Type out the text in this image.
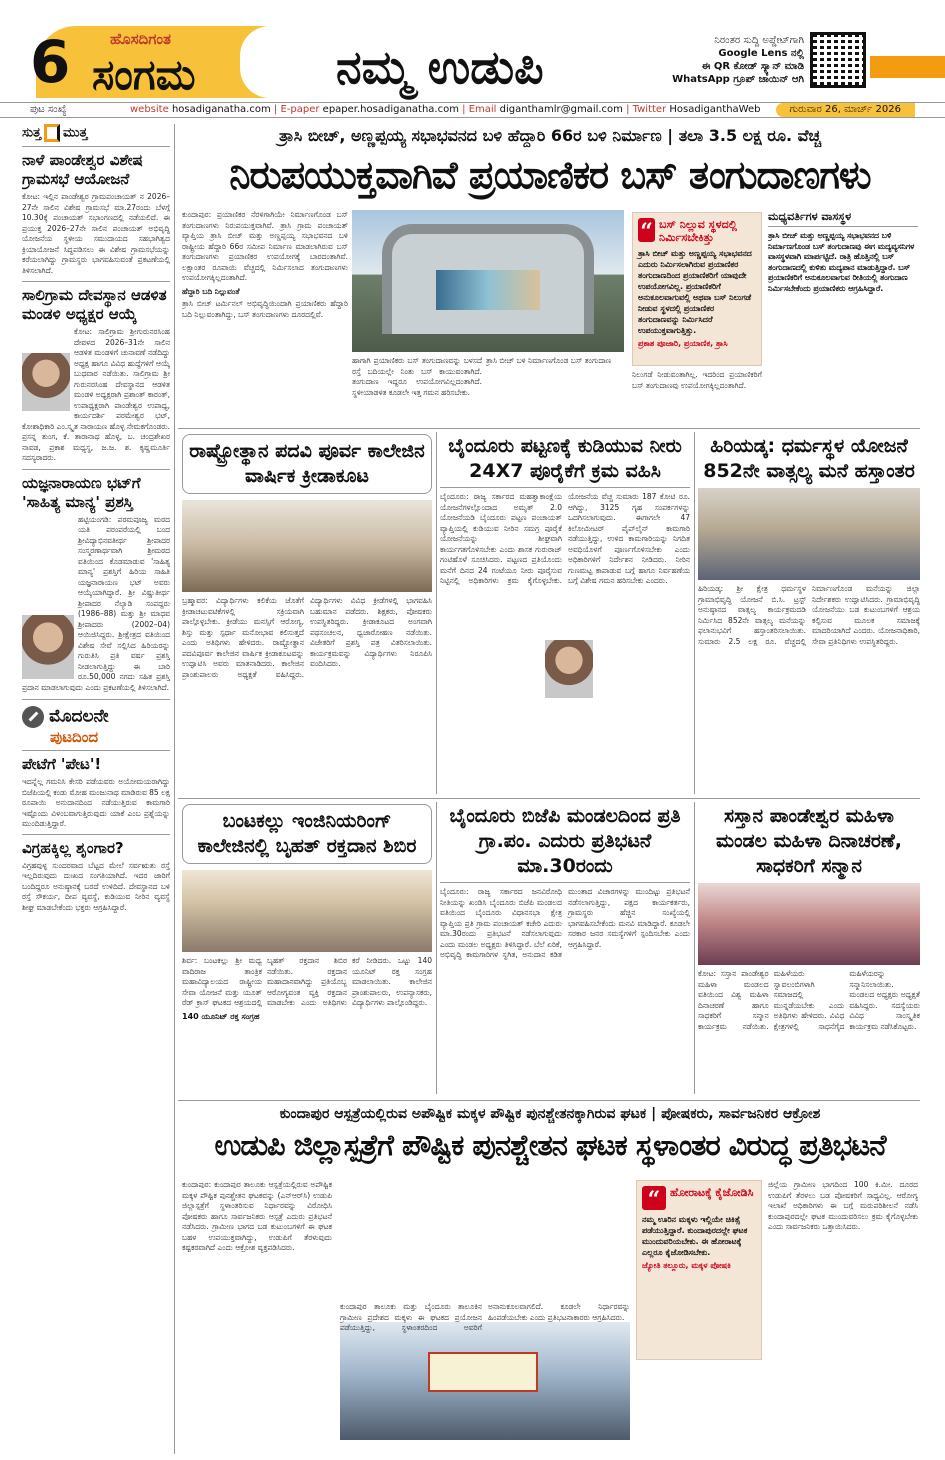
6	ಹೊಸದಿಗಂತ
ಸಂಗಮ	ನಮ್ಮ ಉಡುಪಿ	ನಿರಂತರ ಸುದ್ದಿ ಅಪ್ಡೇಟ್‌ಗಾಗಿ
Google Lens ನಲ್ಲಿ
ಈ QR ಕೋಡ್ ಸ್ಕ್ಯಾನ್ ಮಾಡಿ
WhatsApp ಗ್ರೂಪ್ ಜಾಯಿನ್ ಆಗಿ
ಪುಟ ಸಂಖ್ಯೆ	website hosadiganatha.com | E-paper epaper.hosadiganatha.com | Email diganthamlr@gmail.com | Twitter HosadiganthaWeb	ಗುರುವಾರ 26, ಮಾರ್ಚ್ 2026
ಸುತ್ತ ಮುತ್ತ
ನಾಳೆ ಪಾಂಡೇಶ್ವರ ವಿಶೇಷ ಗ್ರಾಮಸಭೆ ಆಯೋಜನೆ
ಕೋಟ: ಇಲ್ಲಿನ ಪಾಂಡೇಶ್ವರ ಗ್ರಾಮಪಂಚಾಯತ್ ನ 2026–27ನೇ ಸಾಲಿನ ವಿಶೇಷ ಗ್ರಾಮಸಭೆ ಮಾ.27ರಂದು ಬೆಳಗ್ಗೆ 10.30ಕ್ಕೆ ಪಂಚಾಯತ್ ಸಭಾಂಗಣದಲ್ಲಿ ನಡೆಯಲಿದೆ. ಈ ಪ್ರಯುಕ್ತ 2026–27ನೇ ಸಾಲಿನ ಪಂಚಾಯತ್ ಅಭಿವೃದ್ಧಿ ಯೋಜನೆಯ ಸ್ಥಳೀಯ ಸಮುದಾಯದ ಸಹಭಾಗಿತ್ವದ ಕ್ರಿಯಾಯೋಜನೆ ಸಿದ್ಧಪಡಿಸಲು ಈ ವಿಶೇಷ ಗ್ರಾಮಸಭೆಯನ್ನು ಕರೆಯಲಾಗಿದ್ದು ಗ್ರಾಮಸ್ಥರು ಭಾಗವಹಿಸುವಂತೆ ಪ್ರಕಟಣೆಯಲ್ಲಿ ತಿಳಿಸಲಾಗಿದೆ.
ಸಾಲಿಗ್ರಾಮ ದೇವಸ್ಥಾನ ಆಡಳಿತ ಮಂಡಳಿ ಅಧ್ಯಕ್ಷರ ಆಯ್ಕೆ
ಕೋಟ: ಸಾಲಿಗ್ರಾಮ ಶ್ರೀಗುರುನರಸಿಂಹ ದೇವಳದ 2026–31ನೇ ಸಾಲಿನ ಆಡಳಿತ ಮಂಡಳಿಗೆ ಚುನಾವಣೆ ನಡೆದಿದ್ದು ಅಧ್ಯಕ್ಷ ಹಾಗೂ ವಿವಿಧ ಹುದ್ದೆಗಳಿಗೆ ಆಯ್ಕೆ ಬುಧವಾರ ನಡೆಯಿತು. ಸಾಲಿಗ್ರಾಮ ಶ್ರೀ ಗುರುನರಸಿಂಹ ದೇವಸ್ಥಾನದ ಆಡಳಿತ ಮಂಡಳಿ ಅಧ್ಯಕ್ಷರಾಗಿ ಪ್ರಶಾಂತ್ ಕಾರಂತ್, ಉಪಾಧ್ಯಕ್ಷರಾಗಿ ಪಾಂಡೇಶ್ವರ ಉಪಾಧ್ಯ, ಕಾರ್ಯದರ್ಶಿ ಪರಮೇಶ್ವರ ಭಟ್, ಕೋಶಾಧಿಕಾರಿ ಎಂ.ಸ್ಕೃತ ನಾರಾಯಣ ಹೊಳ್ಳ ನೇಮಕಗೊಂಡರು. ಪ್ರಸನ್ನ ತುಂಗ, ಕೆ. ತಾರಾನಾಥ ಹೊಳ್ಳ, ಬ. ಚಂದ್ರಶೇಖರ ನಾವಡ, ಪ್ರಕಾಶ ಮಧ್ಯಸ್ಥ, ಜ.ಜ. ಶ. ಕೃಷ್ಣಮೂರ್ತಿ ಸದಸ್ಯರಾದರು.
ಯಜ್ಞನಾರಾಯಣ ಭಟ್‌ಗೆ 'ಸಾಹಿತ್ಯ ಮಾನ್ಯ' ಪ್ರಶಸ್ತಿ
ಹಟ್ಟಿಯಂಗಡಿ: ಪರಮಪೂಜ್ಯ ಮಠದ ಯತಿ ಪರಂಪರೆಯಲ್ಲಿ ಬಂದ ಶ್ರೀವಿದ್ಯಾಭಿನವತೀರ್ಥ ಶ್ರೀಪಾದರ ಸಂಸ್ಮರಣಾರ್ಥವಾಗಿ ಶ್ರೀಮಠದ ವತಿಯಿಂದ ಕೊಡಮಾಡುವ 'ಸಾಹಿತ್ಯ ಮಾನ್ಯ' ಪ್ರಶಸ್ತಿಗೆ ಹಿರಿಯ ಸಾಹಿತಿ ಯಜ್ಞನಾರಾಯಣ ಭಟ್ ಅವರು ಆಯ್ಕೆಯಾಗಿದ್ದಾರೆ. ಶ್ರೀ ವಿಷ್ಣುತೀರ್ಥ ಶ್ರೀಪಾದರ ನೆಲ್ಯಾಡಿ ಸಂಪದ್ದರು (1986–88) ಮತ್ತು ಶ್ರೀ ಮಾಧವ ಶ್ರೀಪಾದರು (2002–04) ಆಯಿಜಿಸಿದ್ದರು. ಶ್ರೀಕ್ಷೇತ್ರದ ವತಿಯಿಂದ ವಿಶೇಷ ಸೇವೆ ಸಲ್ಲಿಸಿದ ಹಿರಿಯರನ್ನು ಗುರುತಿಸಿ ಪ್ರತಿ ವರ್ಷ ಪ್ರಶಸ್ತಿ ನೀಡಲಾಗುತ್ತಿದ್ದು ಈ ಬಾರಿ ರೂ.50,000 ನಗದು ಸಹಿತ ಪ್ರಶಸ್ತಿ ಪ್ರದಾನ ಮಾಡಲಾಗುವುದು ಎಂದು ಪ್ರಕಟಣೆಯಲ್ಲಿ ತಿಳಿಸಲಾಗಿದೆ.
ಮೊದಲನೇ
ಪುಟದಿಂದ
ಪೇಟೆಗೆ 'ಪೇಟ'!
ಇದನ್ನೆಲ್ಲ ಗಮನಿಸಿ ಕೇಸರಿ ಪಡೆಯವರು ಅಯೋಮಯರಾಗಿದ್ದು ಬಿಜೆಪಿಯಲ್ಲಿ ಕಂಡು ಮೋಹ ಮಂಜುನಾಥ ಮಾಡಿರುವ 85 ಲಕ್ಷ ರೂಪಾಯಿ ಅನುದಾನದಿಂದ ನಡೆಯುತ್ತಿರುವ ಕಾಮಗಾರಿ ಇಷ್ಟೊಂದು ವಿಳಂಬವಾಗುತ್ತಿರುವುದು ಯಾಕೆ ಎಂಬ ಪ್ರಶ್ನೆಯನ್ನು ಮುಂದಿಡುತ್ತಿದ್ದಾರೆ.
ವಿಗ್ರಹಕ್ಕಿಲ್ಲ ಶೃಂಗಾರ?
ವಿಗ್ರಹವುಳ್ಳ ಸುಂದರವಾದ ಬೆಟ್ಟದ ಮೇಲೆ ಸರ್ವಋತು ರಸ್ತೆ ಇಲ್ಲದಿರುವುದು ದುಃಖದ ಸಂಗತಿಯಾಗಿದೆ. ಇದರ ಜಾರಿಗೆ ಬಂದಿದ್ದರೂ ಅನುಷ್ಠಾನಕ್ಕೆ ಬರದೆ ಉಳಿದಿದೆ. ದೇವಸ್ಥಾನದ ಬಳಿ ರಸ್ತೆ ಸೌಕರ್ಯ, ದೀಪ ವ್ಯವಸ್ಥೆ, ಕುಡಿಯುವ ನೀರಿನ ವ್ಯವಸ್ಥೆ ಶೀಘ್ರ ಮಾಡಬೇಕೆಂದು ಭಕ್ತರು ಆಗ್ರಹಿಸಿದ್ದಾರೆ.
ತ್ರಾಸಿ ಬೀಚ್, ಅಣ್ಣಪ್ಪಯ್ಯ ಸಭಾಭವನದ ಬಳಿ ಹೆದ್ದಾರಿ 66ರ ಬಳಿ ನಿರ್ಮಾಣ | ತಲಾ 3.5 ಲಕ್ಷ ರೂ. ವೆಚ್ಚ
ನಿರುಪಯುಕ್ತವಾಗಿವೆ ಪ್ರಯಾಣಿಕರ ಬಸ್ ತಂಗುದಾಣಗಳು

ಕುಂದಾಪುರ: ಪ್ರಯಾಣಿಕರ ನೆರಳಿಗಾಗಿಯೇ ನಿರ್ಮಾಣಗೊಂಡ ಬಸ್ ತಂಗುದಾಣಗಳು ನಿರುಪಯುಕ್ತವಾಗಿವೆ. ತ್ರಾಸಿ ಗ್ರಾಮ ಪಂಚಾಯತ್ ವ್ಯಾಪ್ತಿಯ ತ್ರಾಸಿ ಬೀಚ್ ಮತ್ತು ಅಣ್ಣಪ್ಪಯ್ಯ ಸಭಾಭವನದ ಬಳಿ ರಾಷ್ಟ್ರೀಯ ಹೆದ್ದಾರಿ 66ರ ಸಮೀಪ ನಿರ್ಮಾಣ ಮಾಡಲಾಗಿರುವ ಬಸ್ ತಂಗುದಾಣಗಳು ಪ್ರಯಾಣಿಕರ ಉಪಯೋಗಕ್ಕೆ ಬಾರದಂತಾಗಿವೆ. ಲಕ್ಷಾಂತರ ರೂಪಾಯಿ ವೆಚ್ಚದಲ್ಲಿ ನಿರ್ಮಿಸಲಾದ ತಂಗುದಾಣಗಳು ಉಪಯೋಗಕ್ಕಿಲ್ಲದಂತಾಗಿದೆ.

ಹೆದ್ದಾರಿ ಬದಿ ನಿಲ್ಲುವಂತೆ

ತ್ರಾಸಿ ಬೀಚ್ ಟರ್ಮಿನಲ್ ಅಭಿವೃದ್ಧಿಯಿಂದಾಗಿ ಪ್ರಯಾಣಿಕರು ಹೆದ್ದಾರಿ ಬದಿ ನಿಲ್ಲುವಂತಾಗಿದ್ದು, ಬಸ್ ತಂಗುದಾಣಗಳು ದೂರದಲ್ಲಿವೆ.

ಹಾಗಾಗಿ ಪ್ರಯಾಣಿಕರು ಬಸ್ ತಂಗುದಾಣವನ್ನು ಬಳಸದೆ ರಸ್ತೆ ಬದಿಯಲ್ಲೇ ನಿಂತು ಬಸ್ ಕಾಯುವಂತಾಗಿದೆ. ತಂಗುದಾಣ ಇದ್ದರೂ ಉಪಯೋಗವಿಲ್ಲದಂತಾಗಿದೆ. ಸ್ಥಳೀಯಾಡಳಿತ ಕೂಡಲೇ ಇತ್ತ ಗಮನ ಹರಿಸಬೇಕು.
ತ್ರಾಸಿ ಬೀಚ್ ಬಳಿ ನಿರ್ಮಾಣಗೊಂಡ ಬಸ್ ತಂಗುದಾಣ
“ ಬಸ್ ನಿಲ್ಲುವ ಸ್ಥಳದಲ್ಲಿ ನಿರ್ಮಿಸಬೇಕಿತ್ತು
ತ್ರಾಸಿ ಬೀಚ್ ಮತ್ತು ಅಣ್ಣಪ್ಪಯ್ಯ ಸಭಾಭವನದ ಎದುರು ನಿರ್ಮಿಸಲಾಗಿರುವ ಪ್ರಯಾಣಿಕರ ತಂಗುದಾಣದಿಂದ ಪ್ರಯಾಣಿಕರಿಗೆ ಯಾವುದೇ ಉಪಯೋಗವಿಲ್ಲ. ಪ್ರಯಾಣಿಕರಿಗೆ ಅನುಕೂಲವಾಗುವಲ್ಲಿ ಅಥವಾ ಬಸ್ ನಿಲುಗಡೆ ನೀಡುವ ಸ್ಥಳದಲ್ಲಿ ಪ್ರಯಾಣಿಕರ ತಂಗುದಾಣವನ್ನು ನಿರ್ಮಿಸಿದರೆ ಉಪಯುಕ್ತವಾಗುತ್ತಿತ್ತು.
ಪ್ರಕಾಶ ಪೂಜಾರಿ, ಪ್ರಯಾಣಿಕ, ತ್ರಾಸಿ
ನಿಲುಗಡೆ ನೀಡುವಂತಾಗಿಲ್ಲ. ಇದರಿಂದ ಪ್ರಯಾಣಿಕರಿಗೆ ಬಸ್ ತಂಗುದಾಣವು ಉಪಯೋಗಕ್ಕಿಲ್ಲದಂತಾಗಿದೆ.
ಮಧ್ಯವರ್ತಿಗಳ ವಾಸಸ್ಥಳ
ತ್ರಾಸಿ ಬೀಚ್ ಮತ್ತು ಅಣ್ಣಪ್ಪಯ್ಯ ಸಭಾಭವನದ ಬಳಿ ನಿರ್ಮಾಣಗೊಂಡ ಬಸ್ ತಂಗುದಾಣವು ಈಗ ಮದ್ಯವ್ಯಸನಿಗಳ ವಾಸಸ್ಥಳವಾಗಿ ಮಾರ್ಪಟ್ಟಿದೆ. ರಾತ್ರಿ ಹೊತ್ತಿನಲ್ಲಿ ಬಸ್ ತಂಗುದಾಣದಲ್ಲಿ ಕುಳಿತು ಮದ್ಯಪಾನ ಮಾಡುತ್ತಿದ್ದಾರೆ. ಬಸ್ ಪ್ರಯಾಣಿಕರಿಗೆ ಅನುಕೂಲವಾಗುವ ರೀತಿಯಲ್ಲಿ ತಂಗುದಾಣ ನಿರ್ಮಿಸಬೇಕೆಂದು ಪ್ರಯಾಣಿಕರು ಆಗ್ರಹಿಸಿದ್ದಾರೆ.
ರಾಷ್ಟ್ರೋತ್ಥಾನ ಪದವಿ ಪೂರ್ವ ಕಾಲೇಜಿನ ವಾರ್ಷಿಕ ಕ್ರೀಡಾಕೂಟ
ಬ್ರಹ್ಮಾವರ: ವಿದ್ಯಾರ್ಥಿಗಳು ಕಲಿಕೆಯ ಜೊತೆಗೆ ಕ್ರೀಡಾಚಟುವಟಿಕೆಗಳಲ್ಲಿ ಸಕ್ರಿಯವಾಗಿ ಪಾಲ್ಗೊಳ್ಳಬೇಕು. ಕ್ರೀಡೆಯು ಮನಸ್ಸಿಗೆ ಆರೋಗ್ಯ, ಶಿಸ್ತು ಮತ್ತು ಸ್ಪರ್ಧಾ ಮನೋಭಾವ ಕಲಿಸುತ್ತದೆ ಎಂದು ಅತಿಥಿಗಳು ಹೇಳಿದರು. ರಾಷ್ಟ್ರೋತ್ಥಾನ ಪದವಿಪೂರ್ವ ಕಾಲೇಜಿನ ವಾರ್ಷಿಕ ಕ್ರೀಡಾಕೂಟವನ್ನು ಉದ್ಘಾಟಿಸಿ ಅವರು ಮಾತನಾಡಿದರು. ಕಾಲೇಜಿನ ಪ್ರಾಂಶುಪಾಲರು ಅಧ್ಯಕ್ಷತೆ ವಹಿಸಿದ್ದರು. ವಿದ್ಯಾರ್ಥಿಗಳು ವಿವಿಧ ಕ್ರೀಡೆಗಳಲ್ಲಿ ಭಾಗವಹಿಸಿ ಬಹುಮಾನ ಪಡೆದರು. ಶಿಕ್ಷಕರು, ಪೋಷಕರು ಉಪಸ್ಥಿತರಿದ್ದರು. ಕ್ರೀಡಾಕೂಟದ ಅಂಗವಾಗಿ ಪಥಸಂಚಲನ, ಧ್ವಜಾರೋಹಣ ನಡೆಯಿತು. ವಿಜೇತರಿಗೆ ಪ್ರಶಸ್ತಿ ಪತ್ರ ವಿತರಿಸಲಾಯಿತು. ಕಾರ್ಯಕ್ರಮವನ್ನು ವಿದ್ಯಾರ್ಥಿಗಳು ನಿರೂಪಿಸಿ ವಂದಿಸಿದರು.
ಬೈಂದೂರು ಪಟ್ಟಣಕ್ಕೆ ಕುಡಿಯುವ ನೀರು 24X7 ಪೂರೈಕೆಗೆ ಕ್ರಮ ವಹಿಸಿ
ಬೈಂದೂರು: ರಾಜ್ಯ ಸರ್ಕಾರದ ಮಹತ್ವಾಕಾಂಕ್ಷೆಯ ಯೋಜನೆಗಳಲ್ಲೊಂದಾದ ಅಮೃತ್ 2.0 ಯೋಜನೆಯಡಿ ಬೈಂದೂರು ಪಟ್ಟಣ ಪಂಚಾಯತ್ ವ್ಯಾಪ್ತಿಯಲ್ಲಿ ಕುಡಿಯುವ ನೀರಿನ ಸಮಗ್ರ ಪೂರೈಕೆ ಯೋಜನೆಯನ್ನು ಶೀಘ್ರವಾಗಿ ಕಾರ್ಯಗತಗೊಳಿಸಬೇಕು ಎಂದು ಶಾಸಕ ಗುರುರಾಜ್ ಗಂಟಿಹೊಳೆ ಸೂಚಿಸಿದರು. ಪಟ್ಟಣದ ಪ್ರತಿಯೊಂದು ಮನೆಗೆ ದಿನದ 24 ಗಂಟೆಯೂ ನೀರು ಪೂರೈಸುವ ನಿಟ್ಟಿನಲ್ಲಿ ಅಧಿಕಾರಿಗಳು ಕ್ರಮ ಕೈಗೊಳ್ಳಬೇಕು. ಯೋಜನೆಯ ವೆಚ್ಚ ಸುಮಾರು 187 ಕೋಟಿ ರೂ. ಆಗಿದ್ದು, 3125 ಗೃಹ ಸಂಪರ್ಕಗಳನ್ನು ಒದಗಿಸಲಾಗುವುದು. ಈಗಾಗಲೇ 47 ಕಿಲೋಮೀಟರ್ ಪೈಪ್‌ಲೈನ್ ಕಾಮಗಾರಿ ನಡೆಯುತ್ತಿದ್ದು, ಉಳಿದ ಕಾಮಗಾರಿಯನ್ನು ನಿಗದಿತ ಅವಧಿಯೊಳಗೆ ಪೂರ್ಣಗೊಳಿಸಬೇಕು ಎಂದು ಅಧಿಕಾರಿಗಳಿಗೆ ನಿರ್ದೇಶನ ನೀಡಿದರು. ನೀರಿನ ಗುಣಮಟ್ಟ ಕಾಪಾಡುವ ಬಗ್ಗೆ ಹಾಗೂ ನಿರ್ವಹಣೆಯ ಬಗ್ಗೆ ವಿಶೇಷ ಗಮನ ಹರಿಸಬೇಕು ಎಂದರು.
ಹಿರಿಯಡ್ಕ: ಧರ್ಮಸ್ಥಳ ಯೋಜನೆ 852ನೇ ವಾತ್ಸಲ್ಯ ಮನೆ ಹಸ್ತಾಂತರ
ಹಿರಿಯಡ್ಕ: ಶ್ರೀ ಕ್ಷೇತ್ರ ಧರ್ಮಸ್ಥಳ ಗ್ರಾಮಾಭಿವೃದ್ಧಿ ಯೋಜನೆ ಬಿ.ಸಿ. ಟ್ರಸ್ಟ್ ಅನುಷ್ಠಾನದ ವಾತ್ಸಲ್ಯ ಕಾರ್ಯಕ್ರಮದಡಿ ನಿರ್ಮಿಸಿದ 852ನೇ ವಾತ್ಸಲ್ಯ ಮನೆಯನ್ನು ಫಲಾನುಭವಿಗೆ ಹಸ್ತಾಂತರಿಸಲಾಯಿತು. ಸುಮಾರು 2.5 ಲಕ್ಷ ರೂ. ವೆಚ್ಚದಲ್ಲಿ ನಿರ್ಮಾಣಗೊಂಡ ಮನೆಯನ್ನು ಜಿಲ್ಲಾ ನಿರ್ದೇಶಕರು ಉದ್ಘಾಟಿಸಿದರು. ಗ್ರಾಮಾಭಿವೃದ್ಧಿ ಯೋಜನೆಯು ಬಡ ಕುಟುಂಬಗಳಿಗೆ ಆಶ್ರಯ ಕಲ್ಪಿಸುವ ಮೂಲಕ ಸಮಾಜಕ್ಕೆ ಮಾದರಿಯಾಗಿದೆ ಎಂದರು. ಯೋಜನಾಧಿಕಾರಿ, ಸೇವಾ ಪ್ರತಿನಿಧಿಗಳು ಉಪಸ್ಥಿತರಿದ್ದರು.
ಬಂಟಕಲ್ಲು ಇಂಜಿನಿಯರಿಂಗ್ ಕಾಲೇಜಿನಲ್ಲಿ ಬೃಹತ್ ರಕ್ತದಾನ ಶಿಬಿರ
ಶಿರ್ವ: ಬಂಟಕಲ್ಲು ಶ್ರೀ ಮಧ್ವ ವಾದಿರಾಜ ತಾಂತ್ರಿಕ ಮಹಾವಿದ್ಯಾಲಯದ ರಾಷ್ಟ್ರೀಯ ಸೇವಾ ಯೋಜನೆ ಮತ್ತು ಯೂತ್ ರೆಡ್ ಕ್ರಾಸ್ ಘಟಕದ ಆಶ್ರಯದಲ್ಲಿ ಬೃಹತ್ ರಕ್ತದಾನ ಶಿಬಿರ ನಡೆಯಿತು. ರಕ್ತದಾನ ಮಹಾದಾನವಾಗಿದ್ದು ಪ್ರತಿಯೊಬ್ಬ ಆರೋಗ್ಯವಂತ ವ್ಯಕ್ತಿ ರಕ್ತದಾನ ಮಾಡಬೇಕು ಎಂದು ಅತಿಥಿಗಳು ಕರೆ ನೀಡಿದರು. ಒಟ್ಟು 140 ಯೂನಿಟ್ ರಕ್ತ ಸಂಗ್ರಹ ಮಾಡಲಾಯಿತು. ಕಾಲೇಜಿನ ಪ್ರಾಂಶುಪಾಲರು, ಉಪನ್ಯಾಸಕರು, ವಿದ್ಯಾರ್ಥಿಗಳು ಪಾಲ್ಗೊಂಡಿದ್ದರು.
140 ಯೂನಿಟ್ ರಕ್ತ ಸಂಗ್ರಹ
ಬೈಂದೂರು ಬಿಜೆಪಿ ಮಂಡಲದಿಂದ ಪ್ರತಿ ಗ್ರಾ.ಪಂ. ಎದುರು ಪ್ರತಿಭಟನೆ ಮಾ.30ರಂದು
ಬೈಂದೂರು: ರಾಜ್ಯ ಸರ್ಕಾರದ ಜನವಿರೋಧಿ ನೀತಿಯನ್ನು ಖಂಡಿಸಿ ಬೈಂದೂರು ಬಿಜೆಪಿ ಮಂಡಲದ ವತಿಯಿಂದ ಬೈಂದೂರು ವಿಧಾನಸಭಾ ಕ್ಷೇತ್ರ ವ್ಯಾಪ್ತಿಯ ಪ್ರತಿ ಗ್ರಾಮ ಪಂಚಾಯತ್ ಕಚೇರಿ ಎದುರು ಮಾ.30ರಂದು ಪ್ರತಿಭಟನೆ ನಡೆಸಲಾಗುವುದು ಎಂದು ಮಂಡಲ ಅಧ್ಯಕ್ಷರು ತಿಳಿಸಿದ್ದಾರೆ. ಬೆಲೆ ಏರಿಕೆ, ಅಭಿವೃದ್ಧಿ ಕಾಮಗಾರಿಗಳ ಸ್ಥಗಿತ, ಅನುದಾನ ಕಡಿತ ಮುಂತಾದ ವಿಚಾರಗಳನ್ನು ಮುಂದಿಟ್ಟು ಪ್ರತಿಭಟನೆ ನಡೆಸಲಾಗುತ್ತಿದ್ದು, ಪಕ್ಷದ ಕಾರ್ಯಕರ್ತರು, ಗ್ರಾಮಸ್ಥರು ಹೆಚ್ಚಿನ ಸಂಖ್ಯೆಯಲ್ಲಿ ಭಾಗವಹಿಸಬೇಕೆಂದು ಮನವಿ ಮಾಡಿದ್ದಾರೆ. ಕೂಡಲೇ ಸರಕಾರ ಜನರ ಸಮಸ್ಯೆಗಳಿಗೆ ಸ್ಪಂದಿಸಬೇಕು ಎಂದು ಆಗ್ರಹಿಸಿದ್ದಾರೆ.
ಸಸ್ತಾನ ಪಾಂಡೇಶ್ವರ ಮಹಿಳಾ ಮಂಡಲ ಮಹಿಳಾ ದಿನಾಚರಣೆ, ಸಾಧಕರಿಗೆ ಸನ್ಮಾನ
ಕೋಟ: ಸಸ್ತಾನ ಪಾಂಡೇಶ್ವರ ಮಹಿಳಾ ಮಂಡಲದ ವತಿಯಿಂದ ವಿಶ್ವ ಮಹಿಳಾ ದಿನಾಚರಣೆ ಹಾಗೂ ಸಾಧಕರಿಗೆ ಸನ್ಮಾನ ಕಾರ್ಯಕ್ರಮ ನಡೆಯಿತು. ಮಹಿಳೆಯರು ಸ್ವಾವಲಂಬಿಗಳಾಗಿ ಸಮಾಜದಲ್ಲಿ ಮುನ್ನಡೆಯಬೇಕು ಎಂದು ಅತಿಥಿಗಳು ಹೇಳಿದರು. ವಿವಿಧ ಕ್ಷೇತ್ರಗಳಲ್ಲಿ ಸಾಧನೆಗೈದ ಮಹಿಳೆಯರನ್ನು ಸನ್ಮಾನಿಸಲಾಯಿತು. ಮಂಡಲದ ಅಧ್ಯಕ್ಷರು ಅಧ್ಯಕ್ಷತೆ ವಹಿಸಿದ್ದರು. ಸದಸ್ಯೆಯರು ವಿವಿಧ ಸಾಂಸ್ಕೃತಿಕ ಕಾರ್ಯಕ್ರಮ ನಡೆಸಿಕೊಟ್ಟರು.
ಕುಂದಾಪುರ ಆಸ್ಪತ್ರೆಯಲ್ಲಿರುವ ಅಪೌಷ್ಟಿಕ ಮಕ್ಕಳ ಪೌಷ್ಟಿಕ ಪುನಶ್ಚೇತನಕ್ಕಾಗಿರುವ ಘಟಕ | ಪೋಷಕರು, ಸಾರ್ವಜನಿಕರ ಆಕ್ರೋಶ
ಉಡುಪಿ ಜಿಲ್ಲಾಸ್ಪತ್ರೆಗೆ ಪೌಷ್ಟಿಕ ಪುನಶ್ಚೇತನ ಘಟಕ ಸ್ಥಳಾಂತರ ವಿರುದ್ಧ ಪ್ರತಿಭಟನೆ
ಕುಂದಾಪುರ: ಕುಂದಾಪುರ ತಾಲೂಕು ಆಸ್ಪತ್ರೆಯಲ್ಲಿರುವ ಅಪೌಷ್ಟಿಕ ಮಕ್ಕಳ ಪೌಷ್ಟಿಕ ಪುನಶ್ಚೇತನ ಘಟಕವನ್ನು (ಎನ್‌ಆರ್‌ಸಿ) ಉಡುಪಿ ಜಿಲ್ಲಾಸ್ಪತ್ರೆಗೆ ಸ್ಥಳಾಂತರಿಸುವ ನಿರ್ಧಾರವನ್ನು ವಿರೋಧಿಸಿ ಪೋಷಕರು ಹಾಗೂ ಸಾರ್ವಜನಿಕರು ಆಸ್ಪತ್ರೆ ಎದುರು ಪ್ರತಿಭಟನೆ ನಡೆಸಿದರು. ಗ್ರಾಮೀಣ ಭಾಗದ ಬಡ ಕುಟುಂಬಗಳಿಗೆ ಈ ಘಟಕ ಬಹಳ ಉಪಯುಕ್ತವಾಗಿದ್ದು, ಉಡುಪಿಗೆ ತೆರಳುವುದು ಕಷ್ಟಕರವಾಗಿದೆ ಎಂದು ಆಕ್ರೋಶ ವ್ಯಕ್ತಪಡಿಸಿದರು.
ಕುಂದಾಪುರ ತಾಲೂಕು ಮತ್ತು ಬೈಂದೂರು ತಾಲೂಕಿನ ಗ್ರಾಮೀಣ ಪ್ರದೇಶದ ಮಕ್ಕಳು ಈ ಘಟಕದ ಪ್ರಯೋಜನ ಪಡೆಯುತ್ತಿದ್ದು, ಸ್ಥಳಾಂತರದಿಂದ ಅವರಿಗೆ ಅನಾನುಕೂಲವಾಗಲಿದೆ. ಕೂಡಲೇ ನಿರ್ಧಾರವನ್ನು ಹಿಂಪಡೆಯಬೇಕು ಎಂದು ಪ್ರತಿಭಟನಾಕಾರರು ಆಗ್ರಹಿಸಿದರು.
“ ಹೋರಾಟಕ್ಕೆ ಕೈಜೋಡಿಸಿ
ನಮ್ಮ ಊರಿನ ಮಕ್ಕಳು ಇಲ್ಲಿಯೇ ಚಿಕಿತ್ಸೆ ಪಡೆಯುತ್ತಿದ್ದಾರೆ. ಕುಂದಾಪುರದಲ್ಲೇ ಘಟಕ ಮುಂದುವರಿಯಬೇಕು. ಈ ಹೋರಾಟಕ್ಕೆ ಎಲ್ಲರೂ ಕೈಜೋಡಿಸಬೇಕು.
ಜ್ಯೋತಿ ತಲ್ಲೂರು, ಮಕ್ಕಳ ಪೋಷಕಿ
ಜಿಲ್ಲೆಯ ಗ್ರಾಮೀಣ ಭಾಗದಿಂದ 100 ಕಿ.ಮೀ. ದೂರದ ಉಡುಪಿಗೆ ತೆರಳಲು ಬಡ ಪೋಷಕರಿಗೆ ಸಾಧ್ಯವಿಲ್ಲ. ಆರೋಗ್ಯ ಇಲಾಖೆ ಅಧಿಕಾರಿಗಳು ಈ ಬಗ್ಗೆ ಮರುಪರಿಶೀಲನೆ ನಡೆಸಿ ಕುಂದಾಪುರದಲ್ಲೇ ಘಟಕ ಮುಂದುವರಿಸಲು ಕ್ರಮ ಕೈಗೊಳ್ಳಬೇಕು ಎಂದು ಸಾರ್ವಜನಿಕರು ಒತ್ತಾಯಿಸಿದರು.
